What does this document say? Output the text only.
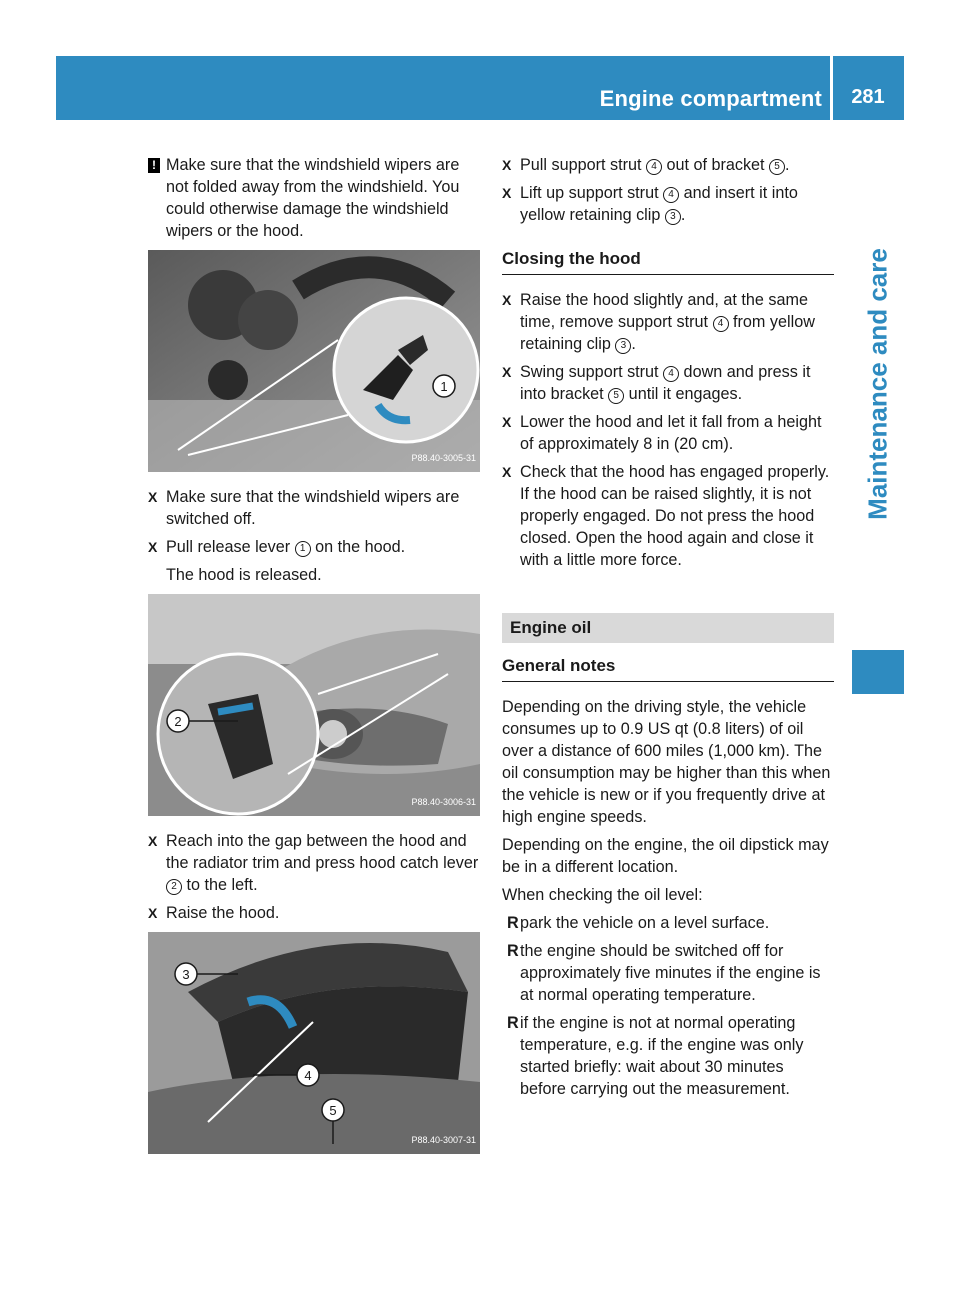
Engine compartment	281
Maintenance and care

! Make sure that the windshield wipers are not folded away from the windshield. You could otherwise damage the windshield wipers or the hood.

1
P88.40-3005-31
X Make sure that the windshield wipers are switched off.
X Pull release lever 1 on the hood.
The hood is released.
2
P88.40-3006-31
X Reach into the gap between the hood and the radiator trim and press hood catch lever 2 to the left.
X Raise the hood.
3
4
5
P88.40-3007-31
X Pull support strut 4 out of bracket 5 .
X Lift up support strut 4 and insert it into yellow retaining clip 3 .
Closing the hood
X Raise the hood slightly and, at the same time, remove support strut 4 from yellow retaining clip 3 .
X Swing support strut 4 down and press it into bracket 5 until it engages.
X Lower the hood and let it fall from a height of approximately 8 in (20 cm).
X Check that the hood has engaged properly. If the hood can be raised slightly, it is not properly engaged. Do not press the hood closed. Open the hood again and close it with a little more force.
Engine oil
General notes

Depending on the driving style, the vehicle consumes up to 0.9 US qt (0.8 liters) of oil over a distance of 600 miles (1,000 km). The oil consumption may be higher than this when the vehicle is new or if you frequently drive at high engine speeds.

Depending on the engine, the oil dipstick may be in a different location.

When checking the oil level:

R park the vehicle on a level surface.
R the engine should be switched off for approximately five minutes if the engine is at normal operating temperature.
R if the engine is not at normal operating temperature, e.g. if the engine was only started briefly: wait about 30 minutes before carrying out the measurement.
